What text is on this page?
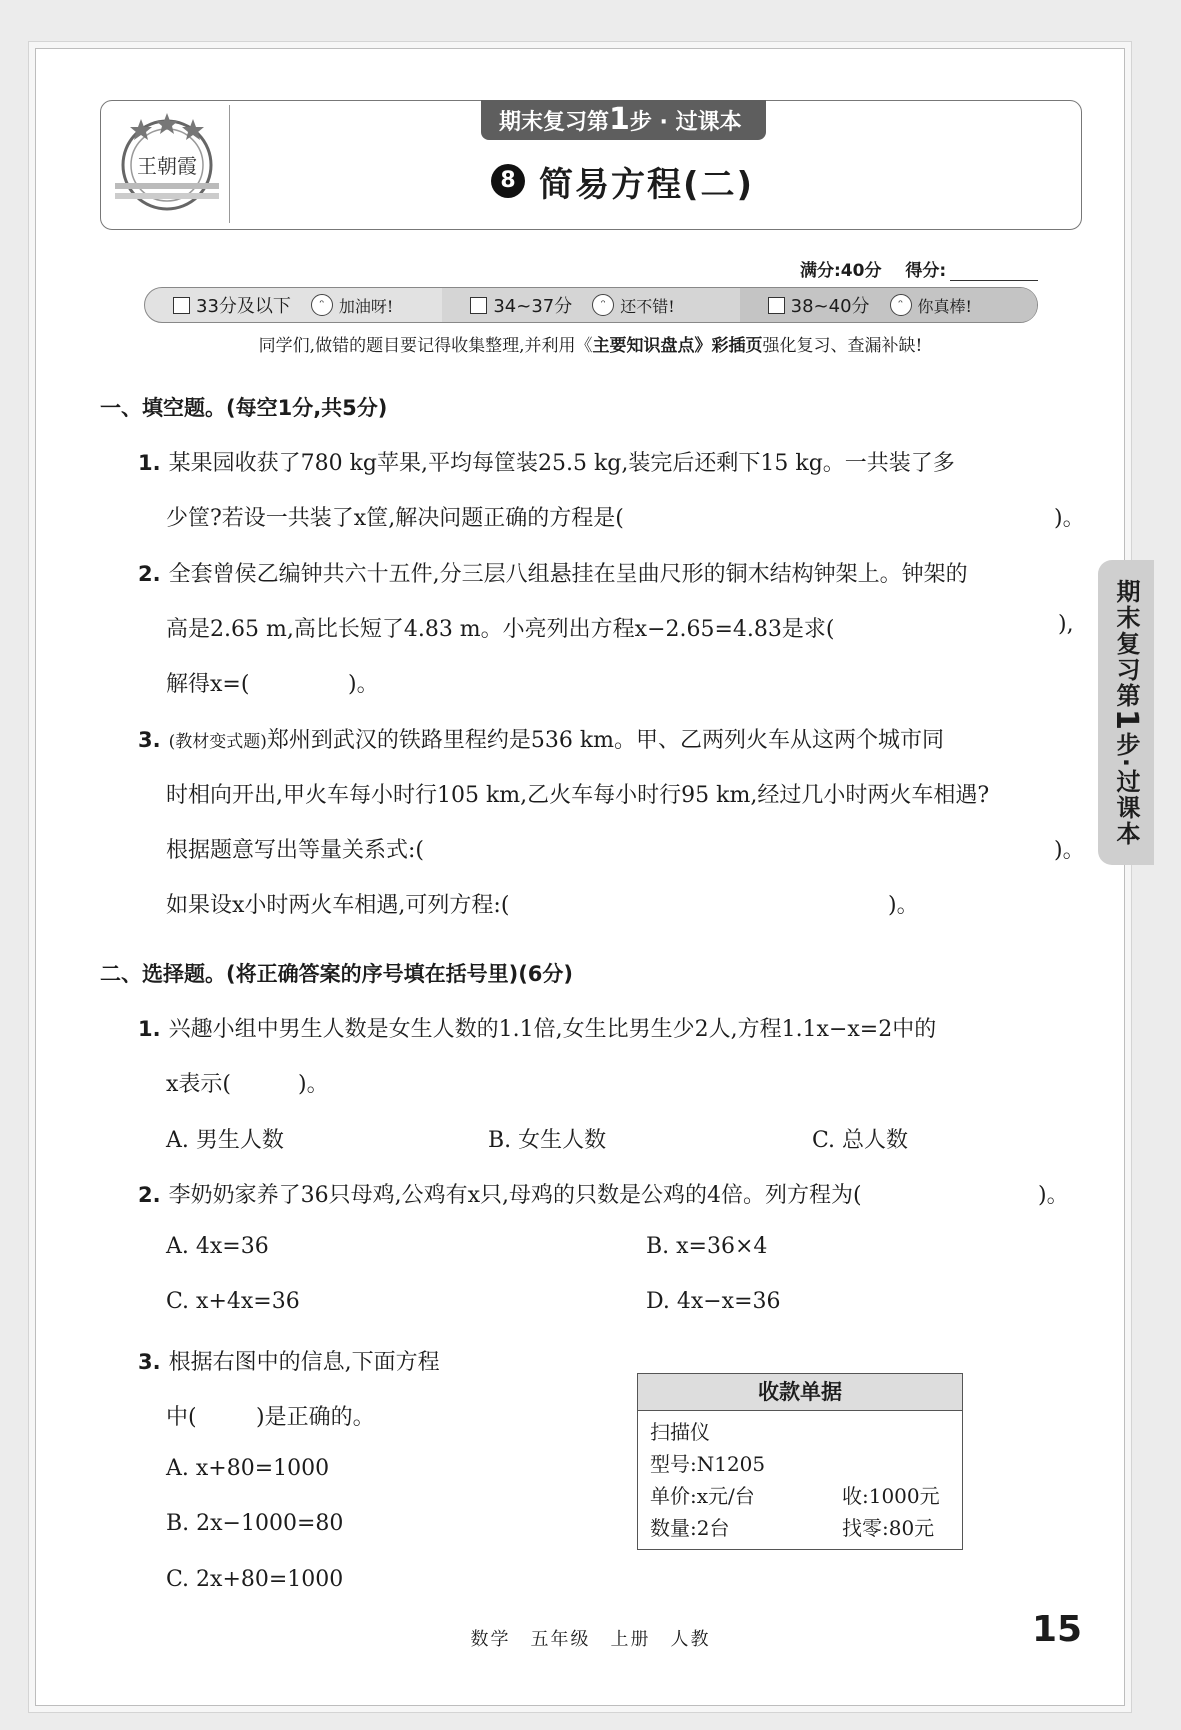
王朝霞
期末复习第1步 · 过课本
8 简易方程(二)
满分:40分 得分:
33分及以下	ᵔ 加油呀!	34~37分	ᵔ 还不错!	38~40分	ᵔ 你真棒!
同学们,做错的题目要记得收集整理,并利用《主要知识盘点》彩插页强化复习、查漏补缺!
一、填空题。(每空1分,共5分)
1. 某果园收获了780 kg苹果,平均每筐装25.5 kg,装完后还剩下15 kg。一共装了多
少筐?若设一共装了x筐,解决问题正确的方程是(	)。
2. 全套曾侯乙编钟共六十五件,分三层八组悬挂在呈曲尺形的铜木结构钟架上。钟架的
高是2.65 m,高比长短了4.83 m。小亮列出方程x−2.65=4.83是求(	),
解得x=(	)。
3. (教材变式题)郑州到武汉的铁路里程约是536 km。甲、乙两列火车从这两个城市同
时相向开出,甲火车每小时行105 km,乙火车每小时行95 km,经过几小时两火车相遇?
根据题意写出等量关系式:(	)。
如果设x小时两火车相遇,可列方程:(	)。
二、选择题。(将正确答案的序号填在括号里)(6分)
1. 兴趣小组中男生人数是女生人数的1.1倍,女生比男生少2人,方程1.1x−x=2中的
x表示(	)。
A. 男生人数	B. 女生人数	C. 总人数
2. 李奶奶家养了36只母鸡,公鸡有x只,母鸡的只数是公鸡的4倍。列方程为(	)。
A. 4x=36	B. x=36×4
C. x+4x=36	D. 4x−x=36
3. 根据右图中的信息,下面方程
中(	)是正确的。
A. x+80=1000
B. 2x−1000=80
C. 2x+80=1000
收款单据
扫描仪
型号:N1205
单价:x元/台	收:1000元
数量:2台	找零:80元
期末复习第1步·过课本
数学　五年级　上册　人教	15
